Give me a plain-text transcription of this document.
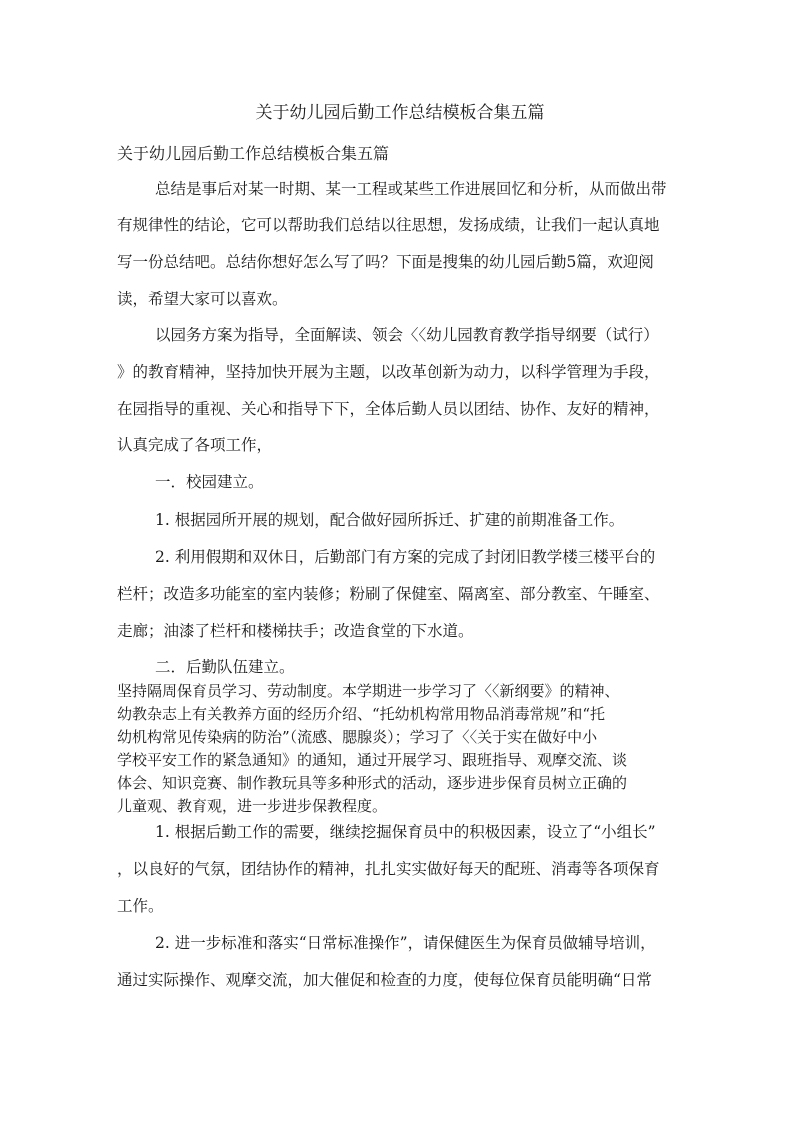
关于幼儿园后勤工作总结模板合集五篇
关于幼儿园后勤工作总结模板合集五篇
总结是事后对某一时期、某一工程或某些工作进展回忆和分析，从而做出带
有规律性的结论，它可以帮助我们总结以往思想，发扬成绩，让我们一起认真地
写一份总结吧。总结你想好怎么写了吗？下面是搜集的幼儿园后勤5篇，欢迎阅
读，希望大家可以喜欢。
以园务方案为指导，全面解读、领会〈〈幼儿园教育教学指导纲要（试行）
》的教育精神，坚持加快开展为主题，以改革创新为动力，以科学管理为手段，
在园指导的重视、关心和指导下下，全体后勤人员以团结、协作、友好的精神，
认真完成了各项工作，
一．校园建立。
1. 根据园所开展的规划，配合做好园所拆迁、扩建的前期准备工作。
2. 利用假期和双休日，后勤部门有方案的完成了封闭旧教学楼三楼平台的
栏杆；改造多功能室的室内装修；粉刷了保健室、隔离室、部分教室、午睡室、
走廊；油漆了栏杆和楼梯扶手；改造食堂的下水道。
二．后勤队伍建立。
坚持隔周保育员学习、劳动制度。本学期进一步学习了〈〈新纲要》的精神、
幼教杂志上有关教养方面的经历介绍、“托幼机构常用物品消毒常规”和“托
幼机构常见传染病的防治”（流感、腮腺炎）；学习了〈〈关于实在做好中小
学校平安工作的紧急通知》的通知，通过开展学习、跟班指导、观摩交流、谈
体会、知识竞赛、制作教玩具等多种形式的活动，逐步进步保育员树立正确的
儿童观、教育观，进一步进步保教程度。
1. 根据后勤工作的需要，继续挖掘保育员中的积极因素，设立了“小组长”
，以良好的气氛，团结协作的精神，扎扎实实做好每天的配班、消毒等各项保育
工作。
2. 进一步标准和落实“日常标准操作”，请保健医生为保育员做辅导培训，
通过实际操作、观摩交流，加大催促和检查的力度，使每位保育员能明确“日常
